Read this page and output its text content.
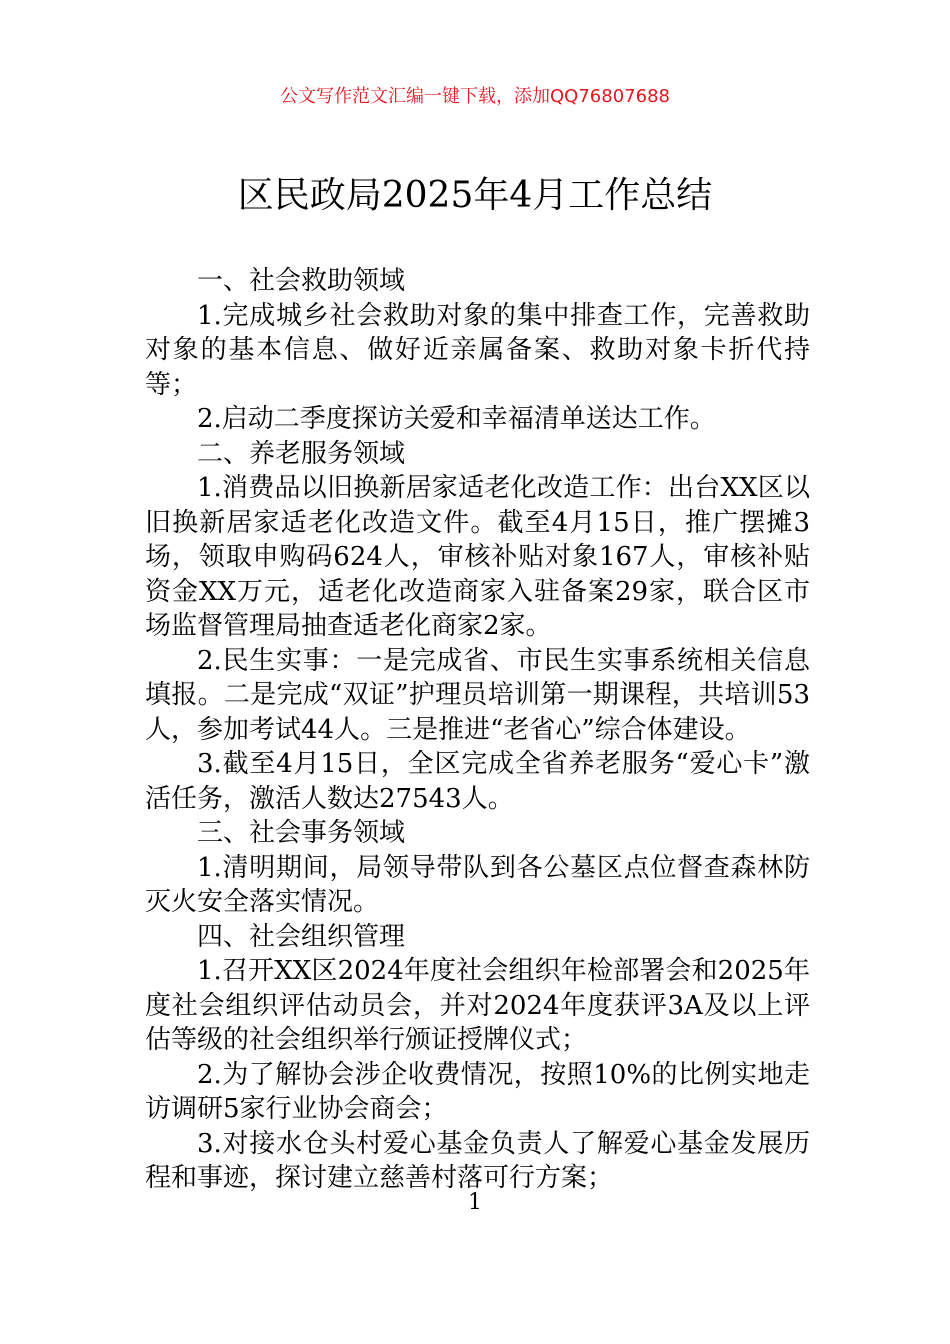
公文写作范文汇编一键下载，添加QQ76807688
区民政局2025年4月工作总结

一、社会救助领域

1.完成城乡社会救助对象的集中排查工作，完善救助对象的基本信息、做好近亲属备案、救助对象卡折代持等；

2.启动二季度探访关爱和幸福清单送达工作。

二、养老服务领域

1.消费品以旧换新居家适老化改造工作：出台XX区以旧换新居家适老化改造文件。截至4月15日，推广摆摊3场，领取申购码624人，审核补贴对象167人，审核补贴资金XX万元，适老化改造商家入驻备案29家，联合区市场监督管理局抽查适老化商家2家。

2.民生实事：一是完成省、市民生实事系统相关信息填报。二是完成“双证”护理员培训第一期课程，共培训53人，参加考试44人。三是推进“老省心”综合体建设。

3.截至4月15日，全区完成全省养老服务“爱心卡”激活任务，激活人数达27543人。

三、社会事务领域

1.清明期间，局领导带队到各公墓区点位督查森林防灭火安全落实情况。

四、社会组织管理

1.召开XX区2024年度社会组织年检部署会和2025年度社会组织评估动员会，并对2024年度获评3A及以上评估等级的社会组织举行颁证授牌仪式；

2.为了解协会涉企收费情况，按照10%的比例实地走访调研5家行业协会商会；

3.对接水仓头村爱心基金负责人了解爱心基金发展历程和事迹，探讨建立慈善村落可行方案；

1
